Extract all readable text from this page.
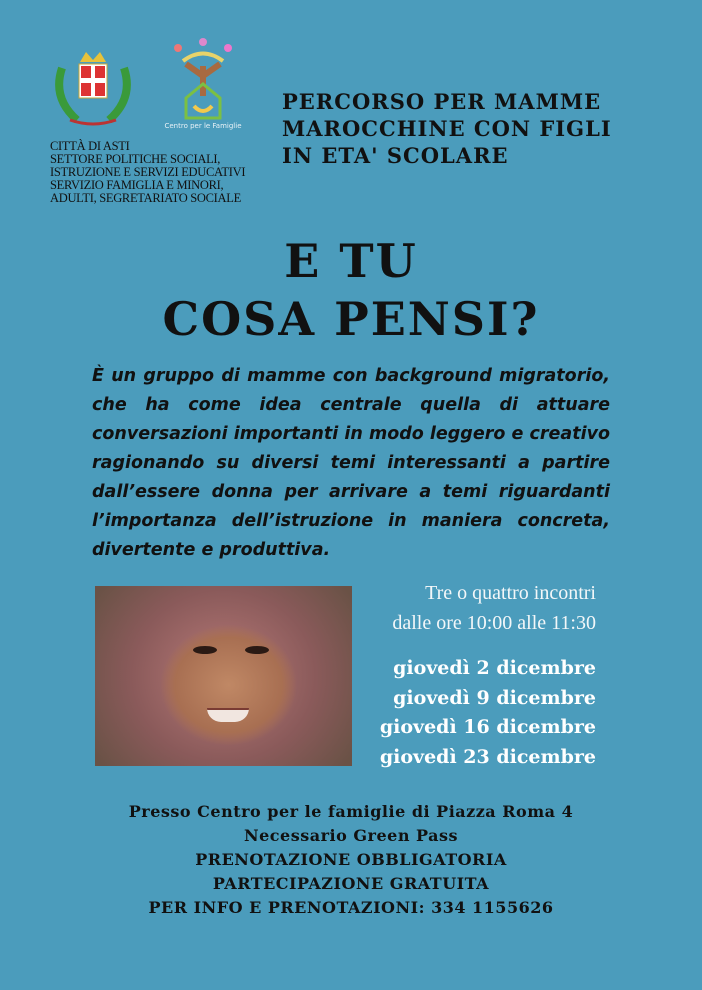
Centro per le Famiglie
CITTÀ DI ASTI
SETTORE POLITICHE SOCIALI,
ISTRUZIONE E SERVIZI EDUCATIVI
SERVIZIO FAMIGLIA E MINORI,
ADULTI, SEGRETARIATO SOCIALE
PERCORSO PER MAMME
MAROCCHINE CON FIGLI
IN ETA' SCOLARE
E TU
COSA PENSI?

È un gruppo di mamme con background migratorio, che ha come idea centrale quella di attuare conversazioni importanti in modo leggero e creativo ragionando su diversi temi interessanti a partire dall’essere donna per arrivare a temi riguardanti l’importanza dell’istruzione in maniera concreta, divertente e produttiva.

Tre o quattro incontri
dalle ore 10:00 alle 11:30
giovedì 2 dicembre
giovedì 9 dicembre
giovedì 16 dicembre
giovedì 23 dicembre
Presso Centro per le famiglie di Piazza Roma 4
Necessario Green Pass
PRENOTAZIONE OBBLIGATORIA
PARTECIPAZIONE GRATUITA
PER INFO E PRENOTAZIONI: 334 1155626
